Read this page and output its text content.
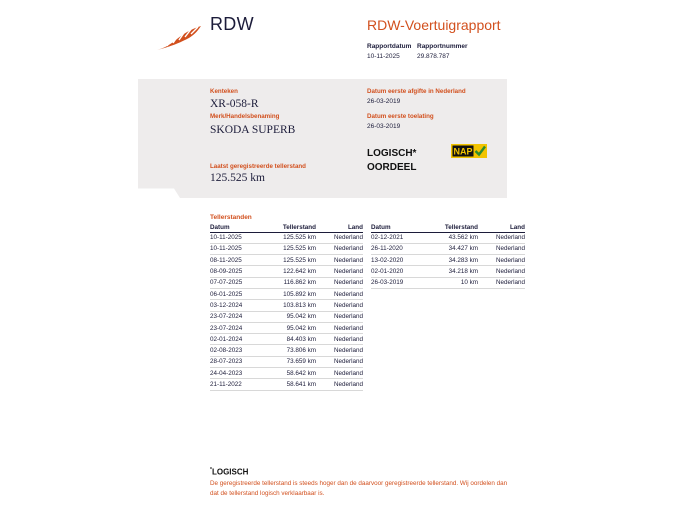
RDW	RDW-Voertuigrapport
Rapportdatum Rapportnummer
10-11-2025	29.878.787
Kenteken
XR-058-R
Merk/Handelsbenaming
SKODA SUPERB
Laatst geregistreerde tellerstand
125.525 km
Datum eerste afgifte in Nederland
26-03-2019
Datum eerste toelating
26-03-2019
LOGISCH*
OORDEEL
NAP
Tellerstanden
Datum	Tellerstand	Land
10-11-2025	125.525 km	Nederland
10-11-2025	125.525 km	Nederland
08-11-2025	125.525 km	Nederland
08-09-2025	122.642 km	Nederland
07-07-2025	116.862 km	Nederland
06-01-2025	105.892 km	Nederland
03-12-2024	103.813 km	Nederland
23-07-2024	95.042 km	Nederland
23-07-2024	95.042 km	Nederland
02-01-2024	84.403 km	Nederland
02-08-2023	73.806 km	Nederland
28-07-2023	73.659 km	Nederland
24-04-2023	58.642 km	Nederland
21-11-2022	58.641 km	Nederland
Datum	Tellerstand	Land
02-12-2021	43.562 km	Nederland
26-11-2020	34.427 km	Nederland
13-02-2020	34.283 km	Nederland
02-01-2020	34.218 km	Nederland
26-03-2019	10 km	Nederland
*LOGISCH
De geregistreerde tellerstand is steeds hoger dan de daarvoor geregistreerde tellerstand. Wij oordelen dan dat de tellerstand logisch verklaarbaar is.
